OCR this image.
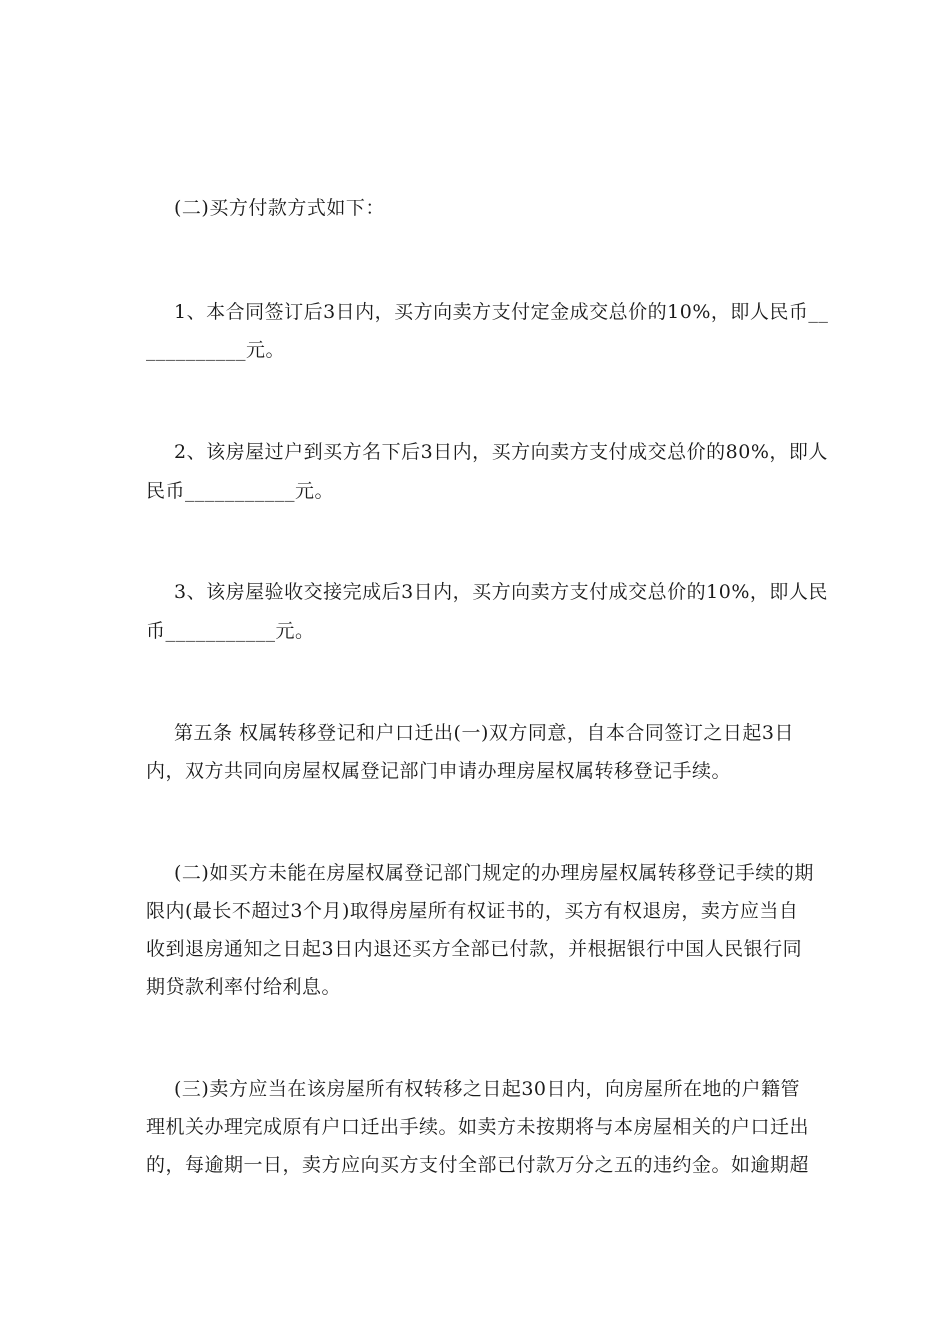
(二)买方付款方式如下：
1、本合同签订后3日内，买方向卖方支付定金成交总价的10%，即人民币__
__________元。
2、该房屋过户到买方名下后3日内，买方向卖方支付成交总价的80%，即人
民币___________元。
3、该房屋验收交接完成后3日内，买方向卖方支付成交总价的10%，即人民
币___________元。
第五条 权属转移登记和户口迁出(一)双方同意，自本合同签订之日起3日
内，双方共同向房屋权属登记部门申请办理房屋权属转移登记手续。
(二)如买方未能在房屋权属登记部门规定的办理房屋权属转移登记手续的期
限内(最长不超过3个月)取得房屋所有权证书的，买方有权退房，卖方应当自
收到退房通知之日起3日内退还买方全部已付款，并根据银行中国人民银行同
期贷款利率付给利息。
(三)卖方应当在该房屋所有权转移之日起30日内，向房屋所在地的户籍管
理机关办理完成原有户口迁出手续。如卖方未按期将与本房屋相关的户口迁出
的，每逾期一日，卖方应向买方支付全部已付款万分之五的违约金。如逾期超
